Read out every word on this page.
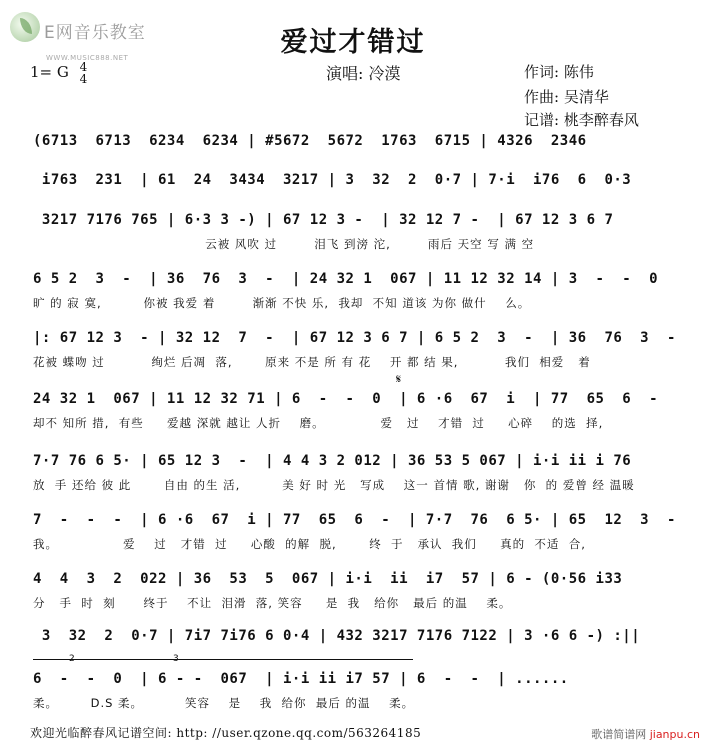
E网音乐教室
WWW.MUSIC888.NET	爱过才错过
1= G 4
4	演唱: 冷漠	作词: 陈伟
作曲: 吴清华
记谱: 桃李醉春风

(6713  6713  6234  6234 | #5672  5672  1763  6715 | 4326  2346

i763  231  | 61  24  3434  3217 | 3  32  2  0·7 | 7·i  i76  6  0·3

3217 7176 765 | 6·3 3 -) | 67 12 3 -  | 32 12 7 -  | 67 12 3 6 7

云被 风吹 过        泪飞 到滂 沱,        雨后 天空 写 满 空

6 5 2  3  -  | 36  76  3  -  | 24 32 1  067 | 11 12 32 14 | 3  -  -  0

旷 的 寂 寞,         你被 我爱 着        渐渐 不快 乐,  我却  不知 道该 为你 做什    么。

|: 67 12 3  - | 32 12  7  -  | 67 12 3 6 7 | 6 5 2  3  -  | 36  76  3  -

花被 蝶吻 过          绚烂 后凋  落,       原来 不是 所 有 花    开 都 结 果,          我们  相爱   着

𝄋

24 32 1  067 | 11 12 32 71 | 6  -  -  0  | 6 ·6  67  i  | 77  65  6  -

却不 知所 措,  有些     爱越 深就 越让 人折    磨。            爱   过    才错  过     心碎    的选  择,

7·7 76 6 5· | 65 12 3  -  | 4 4 3 2 012 | 36 53 5 067 | i·i ii i 76

放  手 还给 彼 此       自由 的生 活,         美 好 时 光   写成    这一 首情 歌, 谢谢   你  的 爱曾 经 温暖

7  -  -  -  | 6 ·6  67  i | 77  65  6  -  | 7·7  76  6 5· | 65  12  3  -

我。              爱    过   才错  过     心酸  的解  脱,       终  于   承认  我们     真的  不适  合,

4  4  3  2  022 | 36  53  5  067 | i·i  ii  i7  57 | 6 - (0·56 i33

分   手  时  刻      终于    不让  泪滑  落, 笑容     是  我   给你   最后 的温    柔。

3  32  2  0·7 | 7i7 7i76 6 0·4 | 432 3217 7176 7122 | 3 ·6 6 -) :||

2

	3

6  -  -  0  | 6 - -  067  | i·i ii i7 57 | 6  -  -  | ......

柔。       D.S 柔。         笑容    是    我  给你  最后 的温    柔。

欢迎光临醉春风记谱空间: http: //user.qzone.qq.com/563264185	歌谱简谱网 jianpu.cn
